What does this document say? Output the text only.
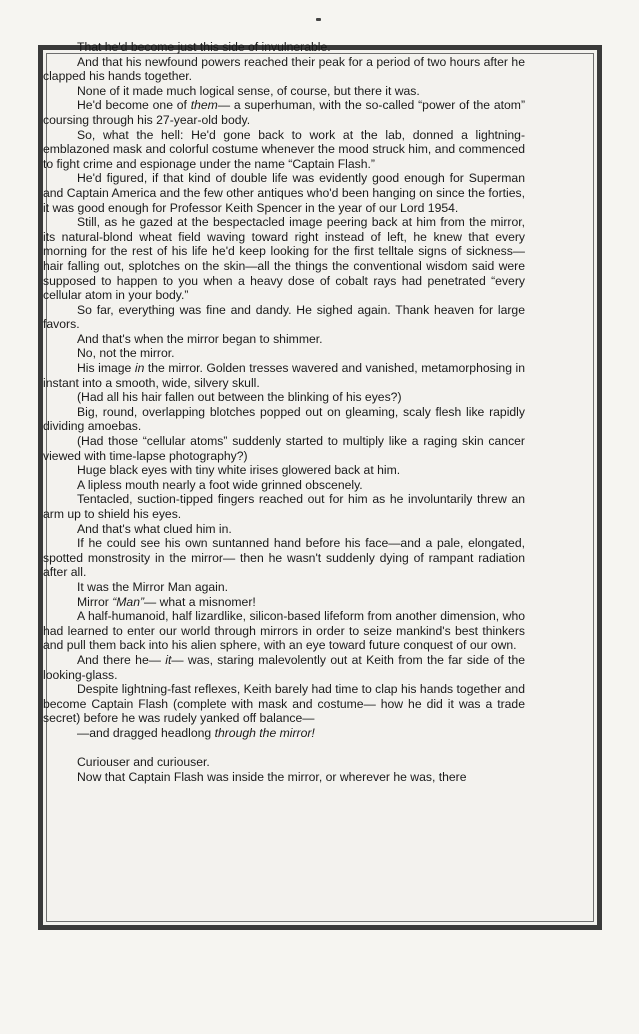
That he'd become just this side of invulnerable.

And that his newfound powers reached their peak for a period of two hours after he clapped his hands together.

None of it made much logical sense, of course, but there it was.

He'd become one of them— a superhuman, with the so-called “power of the atom” coursing through his 27-year-old body.

So, what the hell: He'd gone back to work at the lab, donned a lightning-emblazoned mask and colorful costume whenever the mood struck him, and commenced to fight crime and espionage under the name “Captain Flash.”

He'd figured, if that kind of double life was evidently good enough for Superman and Captain America and the few other antiques who'd been hanging on since the forties, it was good enough for Professor Keith Spencer in the year of our Lord 1954.

Still, as he gazed at the bespectacled image peering back at him from the mirror, its natural-blond wheat field waving toward right instead of left, he knew that every morning for the rest of his life he'd keep looking for the first telltale signs of sickness— hair falling out, splotches on the skin—all the things the conventional wisdom said were supposed to happen to you when a heavy dose of cobalt rays had penetrated “every cellular atom in your body.”

So far, everything was fine and dandy. He sighed again. Thank heaven for large favors.

And that's when the mirror began to shimmer.

No, not the mirror.

His image in the mirror. Golden tresses wavered and vanished, metamorphosing in instant into a smooth, wide, silvery skull.

(Had all his hair fallen out between the blinking of his eyes?)

Big, round, overlapping blotches popped out on gleaming, scaly flesh like rapidly dividing amoebas.

(Had those “cellular atoms” suddenly started to multiply like a raging skin cancer viewed with time-lapse photography?)

Huge black eyes with tiny white irises glowered back at him.

A lipless mouth nearly a foot wide grinned obscenely.

Tentacled, suction-tipped fingers reached out for him as he involuntarily threw an arm up to shield his eyes.

And that's what clued him in.

If he could see his own suntanned hand before his face—and a pale, elongated, spotted monstrosity in the mirror— then he wasn't suddenly dying of rampant radiation after all.

It was the Mirror Man again.

Mirror “Man”— what a misnomer!

A half-humanoid, half lizardlike, silicon-based lifeform from another dimension, who had learned to enter our world through mirrors in order to seize mankind's best thinkers and pull them back into his alien sphere, with an eye toward future conquest of our own.

And there he— it— was, staring malevolently out at Keith from the far side of the looking-glass.

Despite lightning-fast reflexes, Keith barely had time to clap his hands together and become Captain Flash (complete with mask and costume— how he did it was a trade secret) before he was rudely yanked off balance—

—and dragged headlong through the mirror!

Curiouser and curiouser.

Now that Captain Flash was inside the mirror, or wherever he was, there
